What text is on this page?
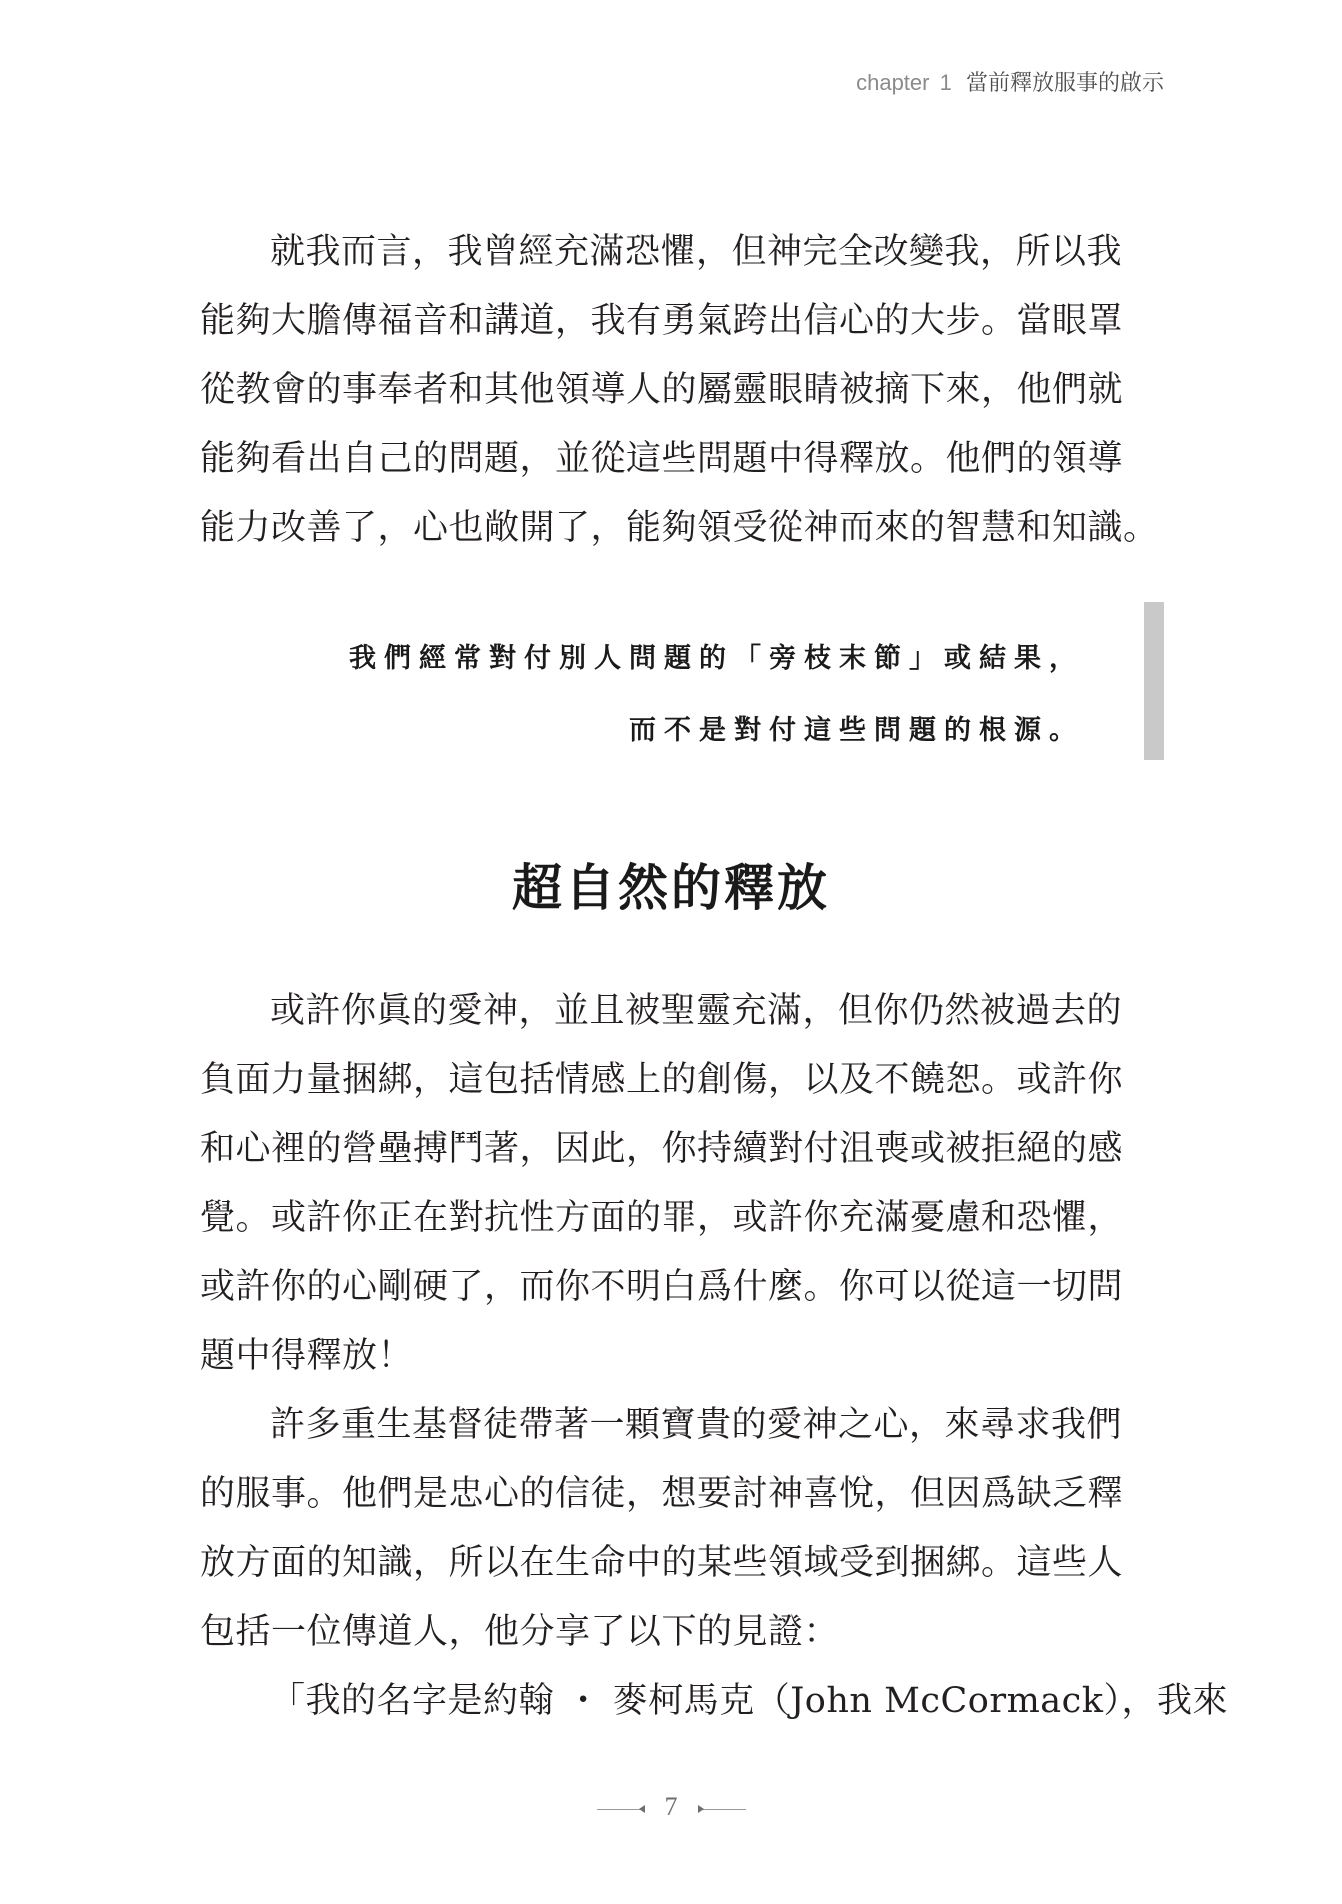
chapter 1 當前釋放服事的啟示

就我而言，我曾經充滿恐懼，但神完全改變我，所以我
能夠大膽傳福音和講道，我有勇氣跨出信心的大步。當眼罩
從教會的事奉者和其他領導人的屬靈眼睛被摘下來，他們就
能夠看出自己的問題，並從這些問題中得釋放。他們的領導
能力改善了，心也敞開了，能夠領受從神而來的智慧和知識。

我們經常對付別人問題的「旁枝末節」或結果，
而不是對付這些問題的根源。
超自然的釋放

或許你眞的愛神，並且被聖靈充滿，但你仍然被過去的
負面力量捆綁，這包括情感上的創傷，以及不饒恕。或許你
和心裡的營壘搏鬥著，因此，你持續對付沮喪或被拒絕的感
覺。或許你正在對抗性方面的罪，或許你充滿憂慮和恐懼，
或許你的心剛硬了，而你不明白爲什麼。你可以從這一切問
題中得釋放！

許多重生基督徒帶著一顆寶貴的愛神之心，來尋求我們
的服事。他們是忠心的信徒，想要討神喜悅，但因爲缺乏釋
放方面的知識，所以在生命中的某些領域受到捆綁。這些人
包括一位傳道人，他分享了以下的見證：

「我的名字是約翰 ・ 麥柯馬克（John McCormack），我來

7
